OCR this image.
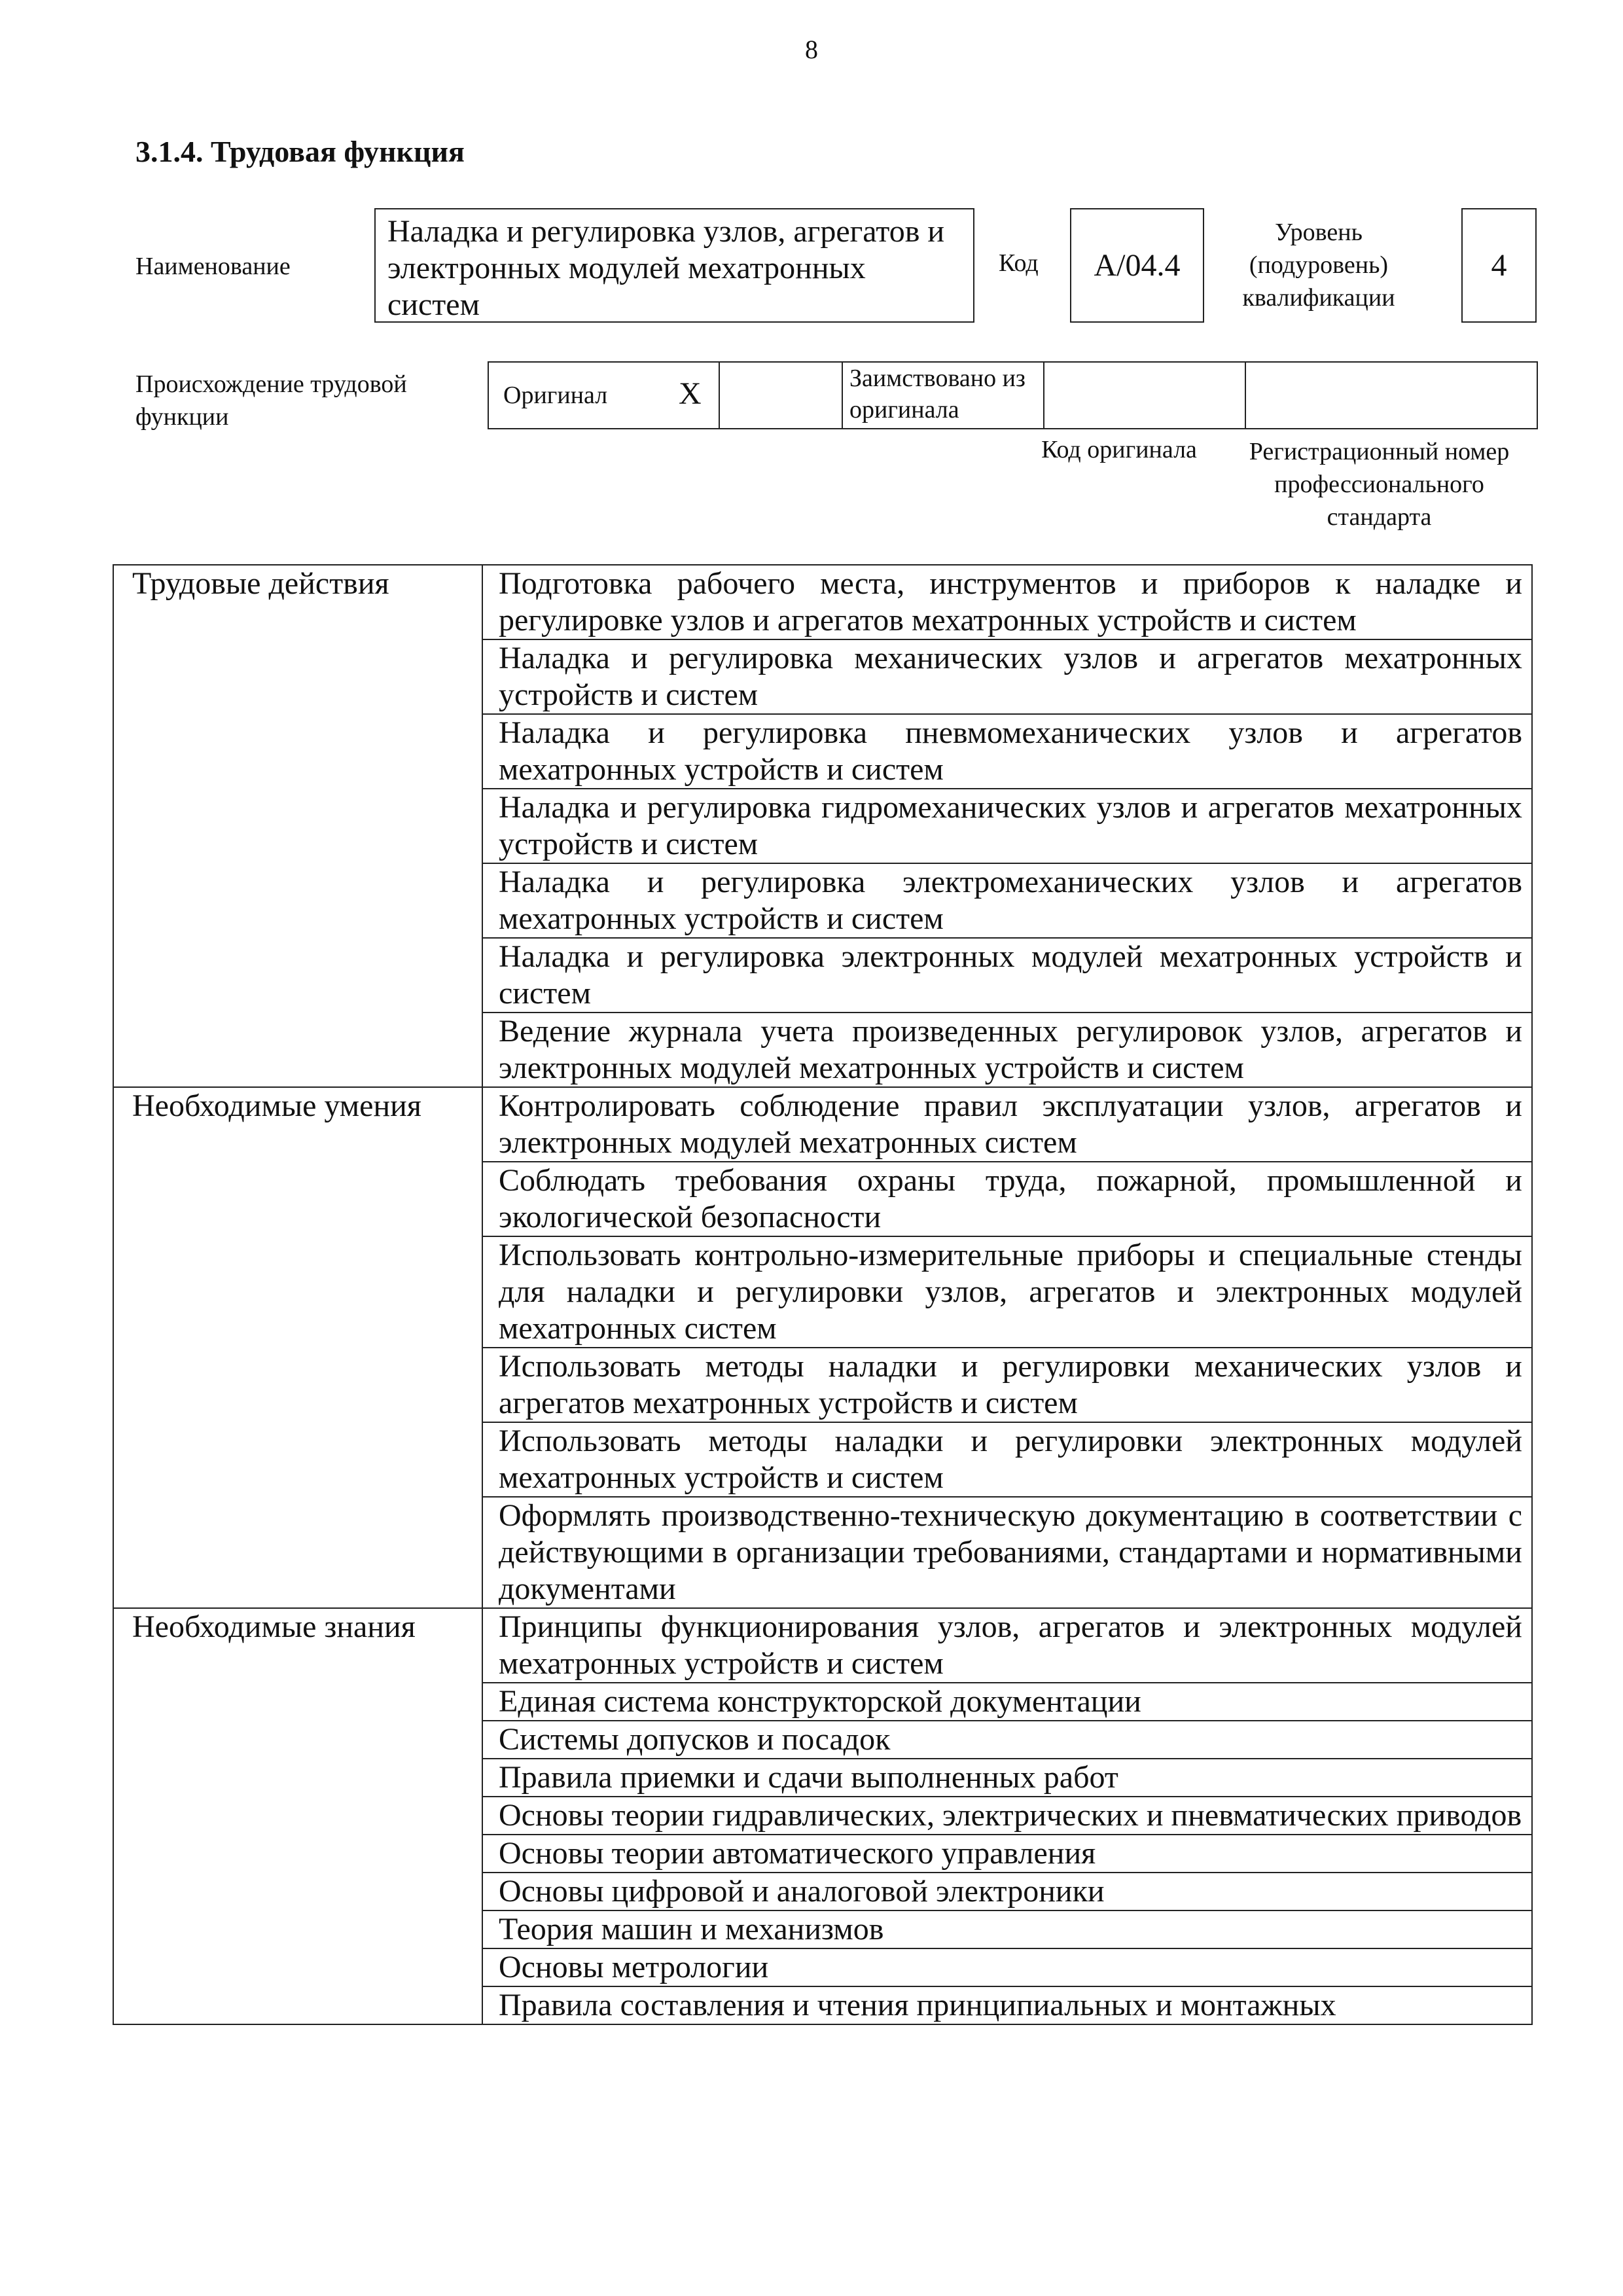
8
3.1.4. Трудовая функция
Наименование
Наладка и регулировка узлов, агрегатов и электронных модулей мехатронных систем
Код	A/04.4
Уровень (подуровень) квалификации
4
Происхождение трудовой функции
Оригинал X	Заимствовано из оригинала
Код оригинала	Регистрационный номер профессионального стандарта
Трудовые действия	Подготовка рабочего места, инструментов и приборов к наладке и регулировке узлов и агрегатов мехатронных устройств и систем
	Наладка и регулировка механических узлов и агрегатов мехатронных устройств и систем
	Наладка и регулировка пневмомеханических узлов и агрегатов мехатронных устройств и систем
	Наладка и регулировка гидромеханических узлов и агрегатов мехатронных устройств и систем
	Наладка и регулировка электромеханических узлов и агрегатов мехатронных устройств и систем
	Наладка и регулировка электронных модулей мехатронных устройств и систем
	Ведение журнала учета произведенных регулировок узлов, агрегатов и электронных модулей мехатронных устройств и систем
Необходимые умения	Контролировать соблюдение правил эксплуатации узлов, агрегатов и электронных модулей мехатронных систем
	Соблюдать требования охраны труда, пожарной, промышленной и экологической безопасности
	Использовать контрольно-измерительные приборы и специальные стенды для наладки и регулировки узлов, агрегатов и электронных модулей мехатронных систем
	Использовать методы наладки и регулировки механических узлов и агрегатов мехатронных устройств и систем
	Использовать методы наладки и регулировки электронных модулей мехатронных устройств и систем
	Оформлять производственно-техническую документацию в соответствии с действующими в организации требованиями, стандартами и нормативными документами
Необходимые знания	Принципы функционирования узлов, агрегатов и электронных модулей мехатронных устройств и систем
	Единая система конструкторской документации
	Системы допусков и посадок
	Правила приемки и сдачи выполненных работ
	Основы теории гидравлических, электрических и пневматических приводов
	Основы теории автоматического управления
	Основы цифровой и аналоговой электроники
	Теория машин и механизмов
	Основы метрологии
	Правила составления и чтения принципиальных и монтажных
